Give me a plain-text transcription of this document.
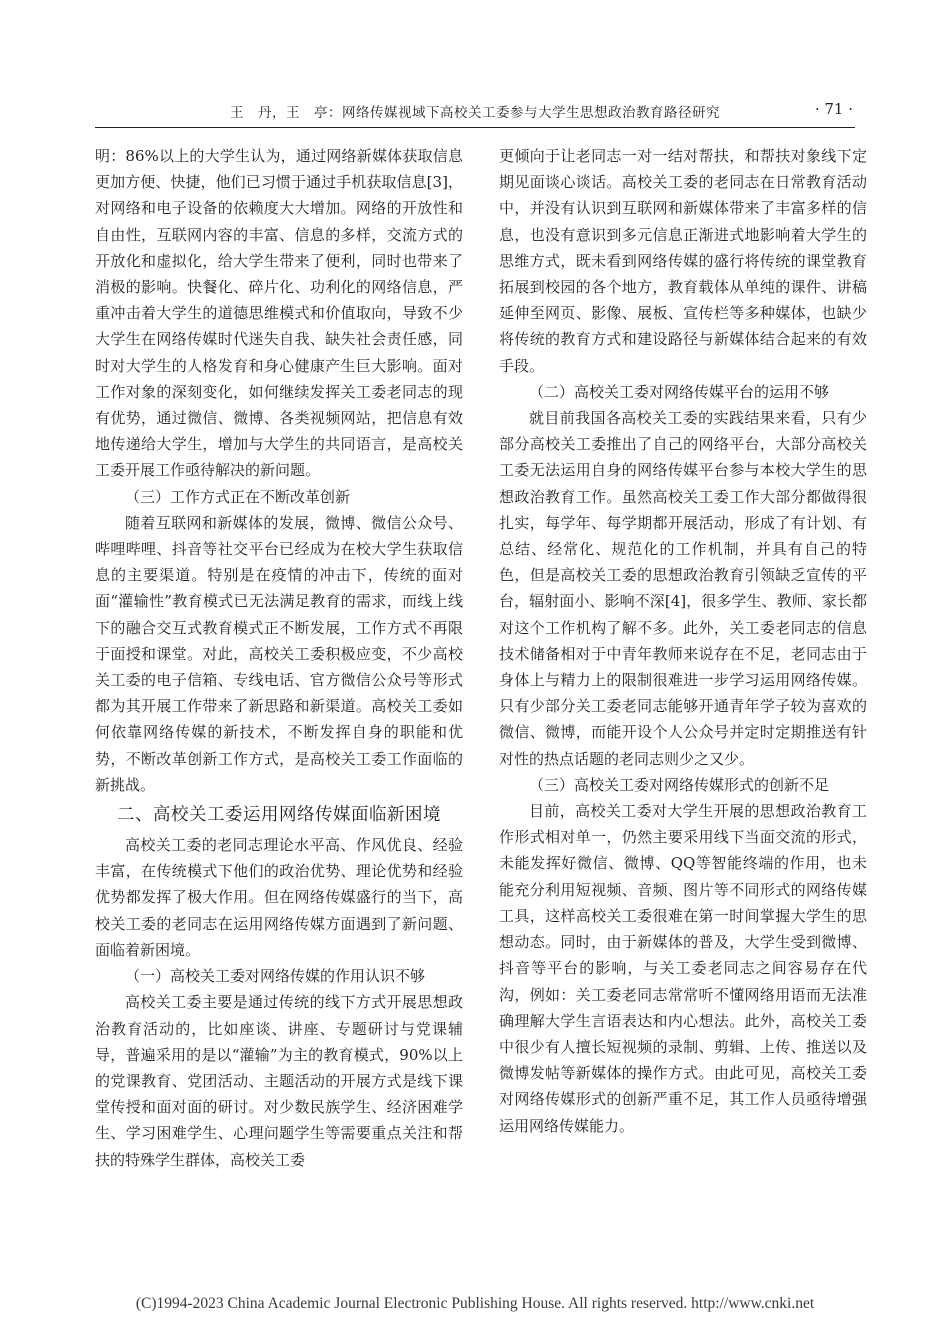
王　丹，王　亭：网络传媒视域下高校关工委参与大学生思想政治教育路径研究	· 71 ·

明：86%以上的大学生认为，通过网络新媒体获取信息更加方便、快捷，他们已习惯于通过手机获取信息[3]，对网络和电子设备的依赖度大大增加。网络的开放性和自由性，互联网内容的丰富、信息的多样，交流方式的开放化和虚拟化，给大学生带来了便利，同时也带来了消极的影响。快餐化、碎片化、功利化的网络信息，严重冲击着大学生的道德思维模式和价值取向，导致不少大学生在网络传媒时代迷失自我、缺失社会责任感，同时对大学生的人格发育和身心健康产生巨大影响。面对工作对象的深刻变化，如何继续发挥关工委老同志的现有优势，通过微信、微博、各类视频网站，把信息有效地传递给大学生，增加与大学生的共同语言，是高校关工委开展工作亟待解决的新问题。

（三）工作方式正在不断改革创新

随着互联网和新媒体的发展，微博、微信公众号、哔哩哔哩、抖音等社交平台已经成为在校大学生获取信息的主要渠道。特别是在疫情的冲击下，传统的面对面“灌输性”教育模式已无法满足教育的需求，而线上线下的融合交互式教育模式正不断发展，工作方式不再限于面授和课堂。对此，高校关工委积极应变，不少高校关工委的电子信箱、专线电话、官方微信公众号等形式都为其开展工作带来了新思路和新渠道。高校关工委如何依靠网络传媒的新技术，不断发挥自身的职能和优势，不断改革创新工作方式，是高校关工委工作面临的新挑战。

二、高校关工委运用网络传媒面临新困境

高校关工委的老同志理论水平高、作风优良、经验丰富，在传统模式下他们的政治优势、理论优势和经验优势都发挥了极大作用。但在网络传媒盛行的当下，高校关工委的老同志在运用网络传媒方面遇到了新问题、面临着新困境。

（一）高校关工委对网络传媒的作用认识不够

高校关工委主要是通过传统的线下方式开展思想政治教育活动的，比如座谈、讲座、专题研讨与党课辅导，普遍采用的是以“灌输”为主的教育模式，90%以上的党课教育、党团活动、主题活动的开展方式是线下课堂传授和面对面的研讨。对少数民族学生、经济困难学生、学习困难学生、心理问题学生等需要重点关注和帮扶的特殊学生群体，高校关工委

更倾向于让老同志一对一结对帮扶，和帮扶对象线下定期见面谈心谈话。高校关工委的老同志在日常教育活动中，并没有认识到互联网和新媒体带来了丰富多样的信息，也没有意识到多元信息正渐进式地影响着大学生的思维方式，既未看到网络传媒的盛行将传统的课堂教育拓展到校园的各个地方，教育载体从单纯的课件、讲稿延伸至网页、影像、展板、宣传栏等多种媒体，也缺少将传统的教育方式和建设路径与新媒体结合起来的有效手段。

（二）高校关工委对网络传媒平台的运用不够

就目前我国各高校关工委的实践结果来看，只有少部分高校关工委推出了自己的网络平台，大部分高校关工委无法运用自身的网络传媒平台参与本校大学生的思想政治教育工作。虽然高校关工委工作大部分都做得很扎实，每学年、每学期都开展活动，形成了有计划、有总结、经常化、规范化的工作机制，并具有自己的特色，但是高校关工委的思想政治教育引领缺乏宣传的平台，辐射面小、影响不深[4]，很多学生、教师、家长都对这个工作机构了解不多。此外，关工委老同志的信息技术储备相对于中青年教师来说存在不足，老同志由于身体上与精力上的限制很难进一步学习运用网络传媒。只有少部分关工委老同志能够开通青年学子较为喜欢的微信、微博，而能开设个人公众号并定时定期推送有针对性的热点话题的老同志则少之又少。

（三）高校关工委对网络传媒形式的创新不足

目前，高校关工委对大学生开展的思想政治教育工作形式相对单一，仍然主要采用线下当面交流的形式，未能发挥好微信、微博、QQ等智能终端的作用，也未能充分利用短视频、音频、图片等不同形式的网络传媒工具，这样高校关工委很难在第一时间掌握大学生的思想动态。同时，由于新媒体的普及，大学生受到微博、抖音等平台的影响，与关工委老同志之间容易存在代沟，例如：关工委老同志常常听不懂网络用语而无法准确理解大学生言语表达和内心想法。此外，高校关工委中很少有人擅长短视频的录制、剪辑、上传、推送以及微博发帖等新媒体的操作方式。由此可见，高校关工委对网络传媒形式的创新严重不足，其工作人员亟待增强运用网络传媒能力。

(C)1994-2023 China Academic Journal Electronic Publishing House. All rights reserved. http://www.cnki.net
